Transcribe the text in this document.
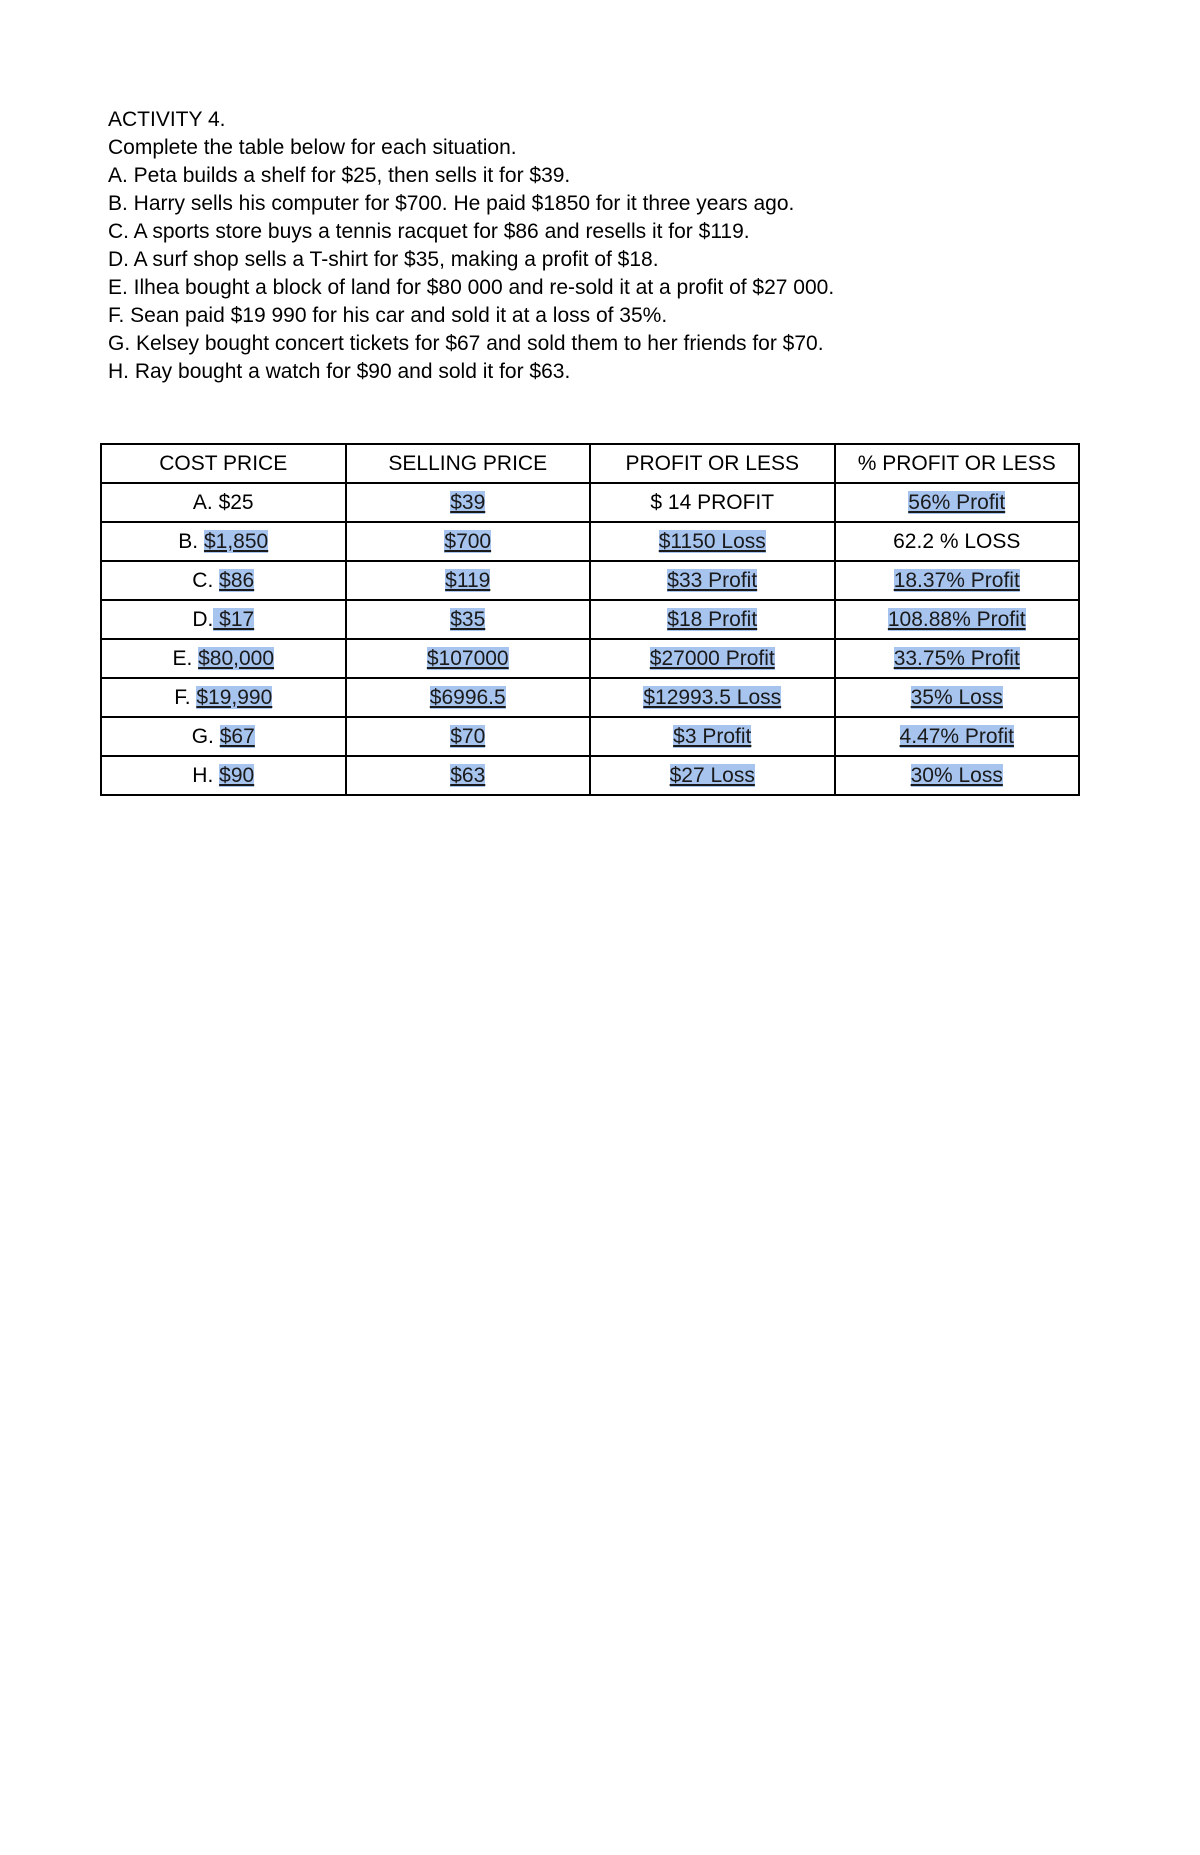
ACTIVITY 4.
Complete the table below for each situation.
A. Peta builds a shelf for $25, then sells it for $39.
B. Harry sells his computer for $700. He paid $1850 for it three years ago.
C. A sports store buys a tennis racquet for $86 and resells it for $119.
D. A surf shop sells a T-shirt for $35, making a profit of $18.
E. Ilhea bought a block of land for $80 000 and re-sold it at a profit of $27 000.
F. Sean paid $19 990 for his car and sold it at a loss of 35%.
G. Kelsey bought concert tickets for $67 and sold them to her friends for $70.
H. Ray bought a watch for $90 and sold it for $63.
COST PRICE	SELLING PRICE	PROFIT OR LESS	% PROFIT OR LESS
A. $25	$39	$ 14 PROFIT	56% Profit
B. $1,850	$700	$1150 Loss	62.2 % LOSS
C. $86	$119	$33 Profit	18.37% Profit
D. $17	$35	$18 Profit	108.88% Profit
E. $80,000	$107000	$27000 Profit	33.75% Profit
F. $19,990	$6996.5	$12993.5 Loss	35% Loss
G. $67	$70	$3 Profit	4.47% Profit
H. $90	$63	$27 Loss	30% Loss
